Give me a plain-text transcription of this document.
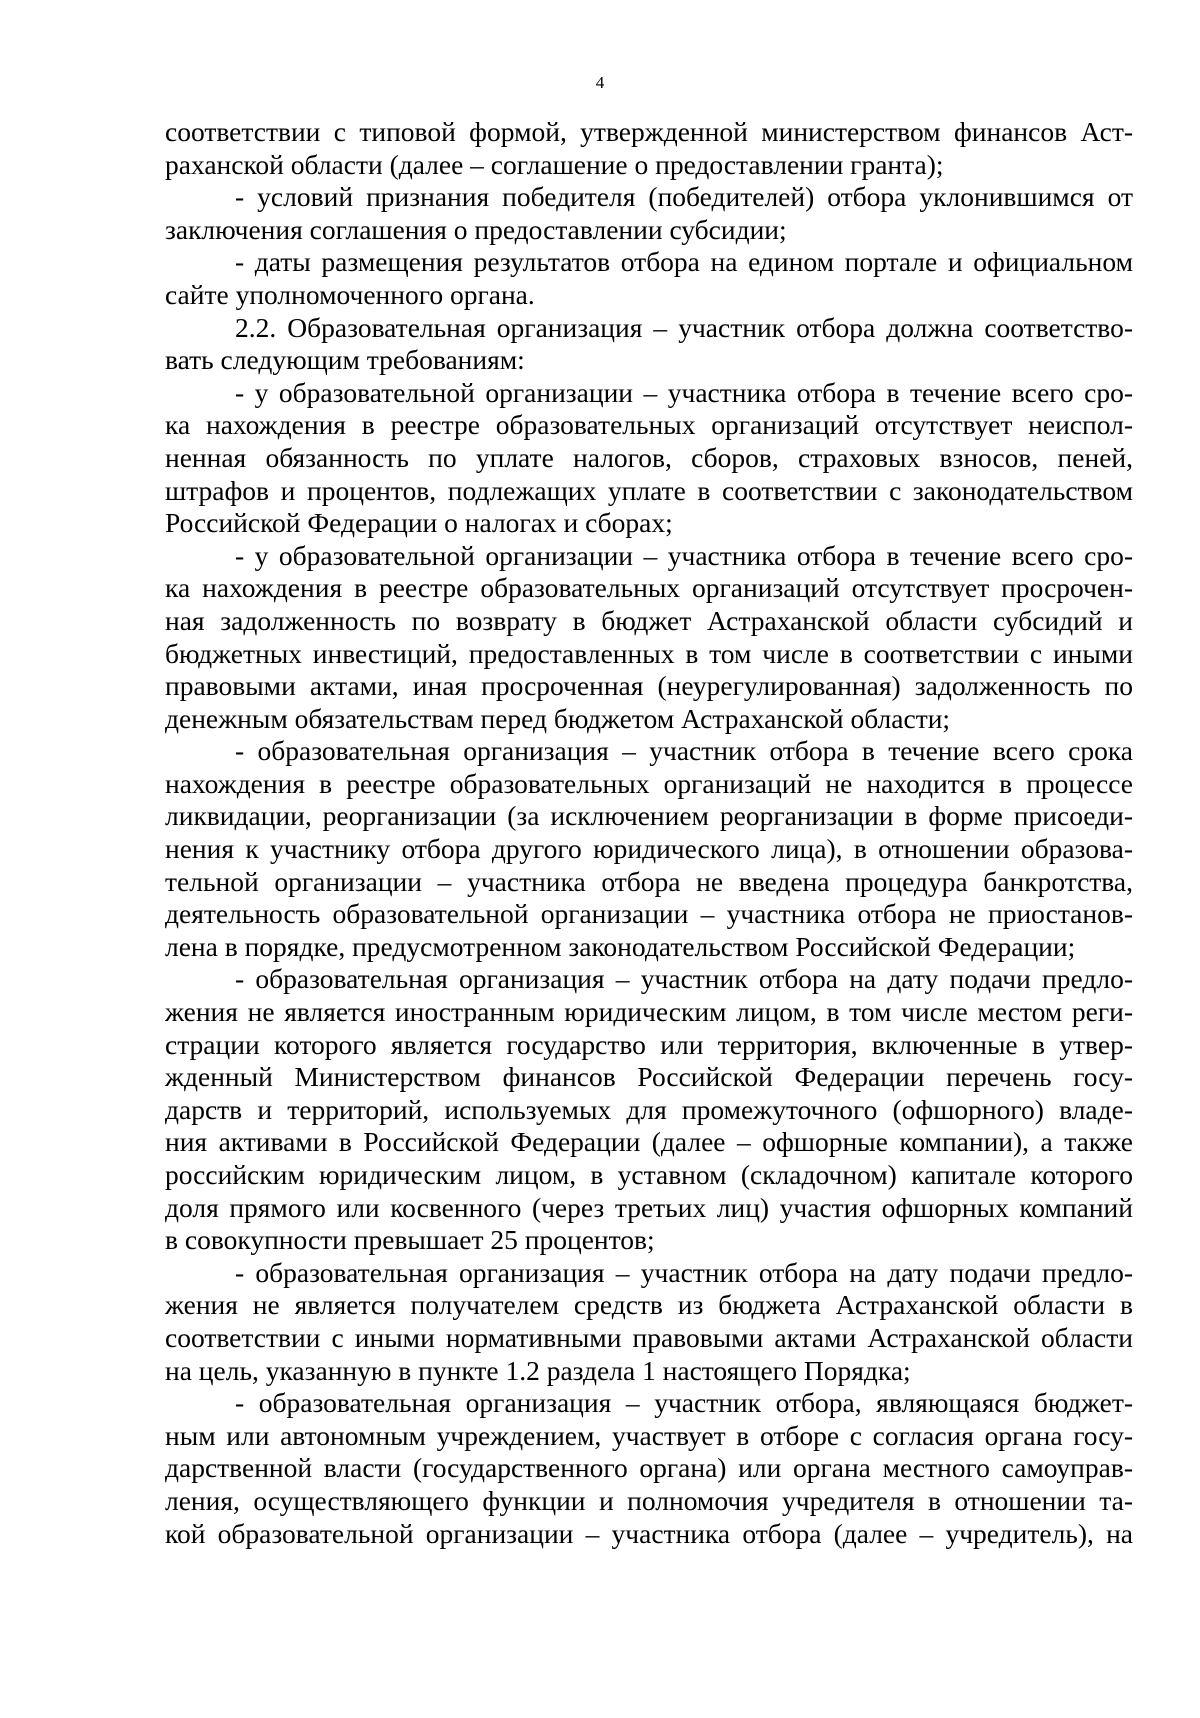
4

соответствии с типовой формой, утвержденной министерством финансов Аст-
раханской области (далее – соглашение о предоставлении гранта);

- условий признания победителя (победителей) отбора уклонившимся от
заключения соглашения о предоставлении субсидии;

- даты размещения результатов отбора на едином портале и официальном
сайте уполномоченного органа.

2.2. Образовательная организация – участник отбора должна соответство-
вать следующим требованиям:

- у образовательной организации – участника отбора в течение всего сро-
ка нахождения в реестре образовательных организаций отсутствует неиспол-
ненная обязанность по уплате налогов, сборов, страховых взносов, пеней,
штрафов и процентов, подлежащих уплате в соответствии с законодательством
Российской Федерации о налогах и сборах;

- у образовательной организации – участника отбора в течение всего сро-
ка нахождения в реестре образовательных организаций отсутствует просрочен-
ная задолженность по возврату в бюджет Астраханской области субсидий и
бюджетных инвестиций, предоставленных в том числе в соответствии с иными
правовыми актами, иная просроченная (неурегулированная) задолженность по
денежным обязательствам перед бюджетом Астраханской области;

- образовательная организация – участник отбора в течение всего срока
нахождения в реестре образовательных организаций не находится в процессе
ликвидации, реорганизации (за исключением реорганизации в форме присоеди-
нения к участнику отбора другого юридического лица), в отношении образова-
тельной организации – участника отбора не введена процедура банкротства,
деятельность образовательной организации – участника отбора не приостанов-
лена в порядке, предусмотренном законодательством Российской Федерации;

- образовательная организация – участник отбора на дату подачи предло-
жения не является иностранным юридическим лицом, в том числе местом реги-
страции которого является государство или территория, включенные в утвер-
жденный Министерством финансов Российской Федерации перечень госу-
дарств и территорий, используемых для промежуточного (офшорного) владе-
ния активами в Российской Федерации (далее – офшорные компании), а также
российским юридическим лицом, в уставном (складочном) капитале которого
доля прямого или косвенного (через третьих лиц) участия офшорных компаний
в совокупности превышает 25 процентов;

- образовательная организация – участник отбора на дату подачи предло-
жения не является получателем средств из бюджета Астраханской области в
соответствии с иными нормативными правовыми актами Астраханской области
на цель, указанную в пункте 1.2 раздела 1 настоящего Порядка;

- образовательная организация – участник отбора, являющаяся бюджет-
ным или автономным учреждением, участвует в отборе с согласия органа госу-
дарственной власти (государственного органа) или органа местного самоуправ-
ления, осуществляющего функции и полномочия учредителя в отношении та-
кой образовательной организации – участника отбора (далее – учредитель), на
